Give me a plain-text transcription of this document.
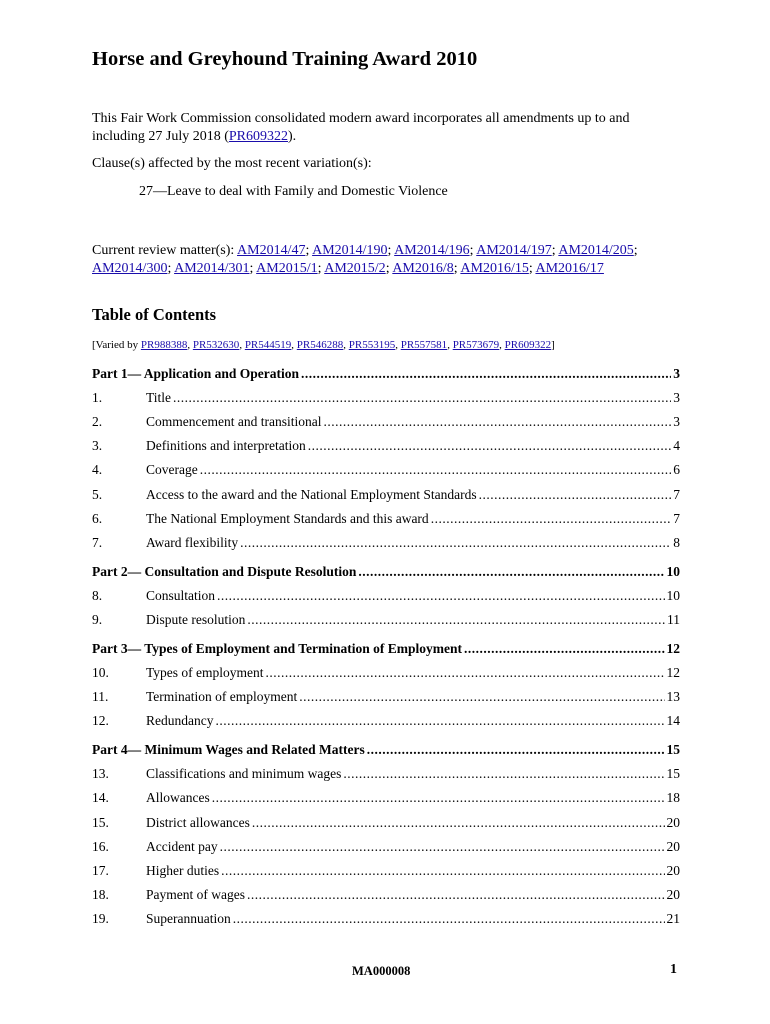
Horse and Greyhound Training Award 2010
This Fair Work Commission consolidated modern award incorporates all amendments up to and including 27 July 2018 (PR609322).
Clause(s) affected by the most recent variation(s):
27—Leave to deal with Family and Domestic Violence
Current review matter(s): AM2014/47; AM2014/190; AM2014/196; AM2014/197; AM2014/205; AM2014/300; AM2014/301; AM2015/1; AM2015/2; AM2016/8; AM2016/15; AM2016/17
Table of Contents
[Varied by PR988388, PR532630, PR544519, PR546288, PR553195, PR557581, PR573679, PR609322]
Part 1— Application and Operation .....	3
1.	Title .....	3
2.	Commencement and transitional .....	3
3.	Definitions and interpretation .....	4
4.	Coverage .....	6
5.	Access to the award and the National Employment Standards .....	7
6.	The National Employment Standards and this award .....	7
7.	Award flexibility .....	8
Part 2— Consultation and Dispute Resolution .....	10
8.	Consultation .....	10
9.	Dispute resolution .....	11
Part 3— Types of Employment and Termination of Employment .....	12
10.	Types of employment .....	12
11.	Termination of employment .....	13
12.	Redundancy .....	14
Part 4— Minimum Wages and Related Matters .....	15
13.	Classifications and minimum wages .....	15
14.	Allowances .....	18
15.	District allowances .....	20
16.	Accident pay .....	20
17.	Higher duties .....	20
18.	Payment of wages .....	20
19.	Superannuation .....	21
MA000008	1
